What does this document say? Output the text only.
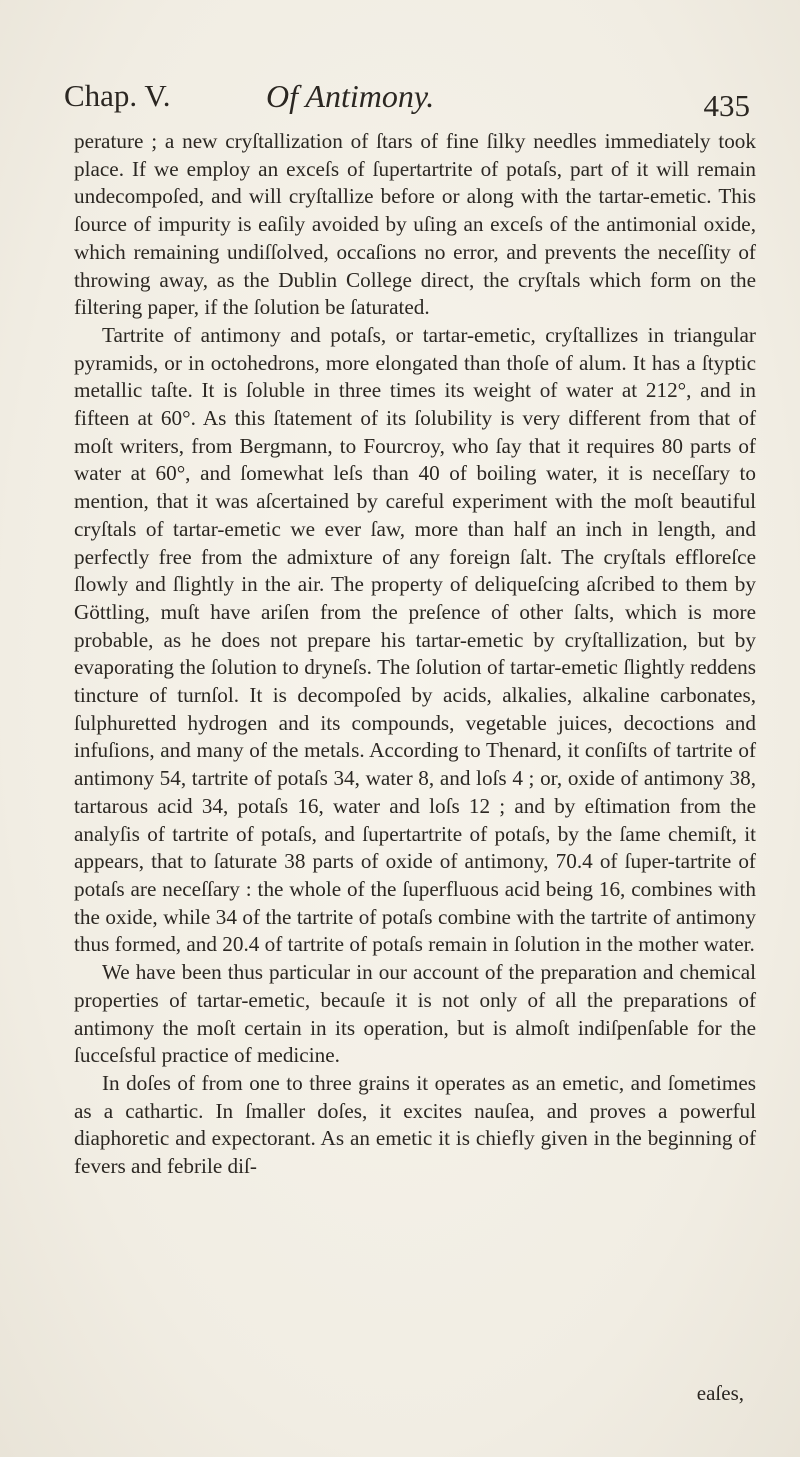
Chap. V.	Of Antimony.	435

perature ; a new cryſtallization of ſtars of fine ſilky needles immediately took place. If we employ an exceſs of ſupertartrite of potaſs, part of it will remain undecompoſed, and will cryſtallize before or along with the tartar-emetic. This ſource of impurity is eaſily avoided by uſing an exceſs of the antimonial oxide, which remaining undiſſolved, occaſions no error, and prevents the neceſſity of throwing away, as the Dublin College direct, the cryſtals which form on the filtering paper, if the ſolution be ſaturated.

Tartrite of antimony and potaſs, or tartar-emetic, cryſtallizes in triangular pyramids, or in octohedrons, more elongated than thoſe of alum. It has a ſtyptic metallic taſte. It is ſoluble in three times its weight of water at 212°, and in fifteen at 60°. As this ſtatement of its ſolubility is very different from that of moſt writers, from Bergmann, to Fourcroy, who ſay that it requires 80 parts of water at 60°, and ſomewhat leſs than 40 of boiling water, it is neceſſary to mention, that it was aſcertained by careful experiment with the moſt beautiful cryſtals of tartar-emetic we ever ſaw, more than half an inch in length, and perfectly free from the admixture of any foreign ſalt. The cryſtals effloreſce ſlowly and ſlightly in the air. The property of deliqueſcing aſcribed to them by Göttling, muſt have ariſen from the preſence of other ſalts, which is more probable, as he does not prepare his tartar-emetic by cryſtallization, but by evaporating the ſolution to dryneſs. The ſolution of tartar-emetic ſlightly reddens tincture of turnſol. It is decompoſed by acids, alkalies, alkaline carbonates, ſulphuretted hydrogen and its compounds, vegetable juices, decoctions and infuſions, and many of the metals. According to Thenard, it conſiſts of tartrite of antimony 54, tartrite of potaſs 34, water 8, and loſs 4 ; or, oxide of antimony 38, tartarous acid 34, potaſs 16, water and loſs 12 ; and by eſtimation from the analyſis of tartrite of potaſs, and ſupertartrite of potaſs, by the ſame chemiſt, it appears, that to ſaturate 38 parts of oxide of antimony, 70.4 of ſuper-tartrite of potaſs are neceſſary : the whole of the ſuperfluous acid being 16, combines with the oxide, while 34 of the tartrite of potaſs combine with the tartrite of antimony thus formed, and 20.4 of tartrite of potaſs remain in ſolution in the mother water.

We have been thus particular in our account of the preparation and chemical properties of tartar-emetic, becauſe it is not only of all the preparations of antimony the moſt certain in its operation, but is almoſt indiſpenſable for the ſucceſsful practice of medicine.

In doſes of from one to three grains it operates as an emetic, and ſometimes as a cathartic. In ſmaller doſes, it excites nauſea, and proves a powerful diaphoretic and expectorant. As an emetic it is chiefly given in the beginning of fevers and febrile diſ-

eaſes,
